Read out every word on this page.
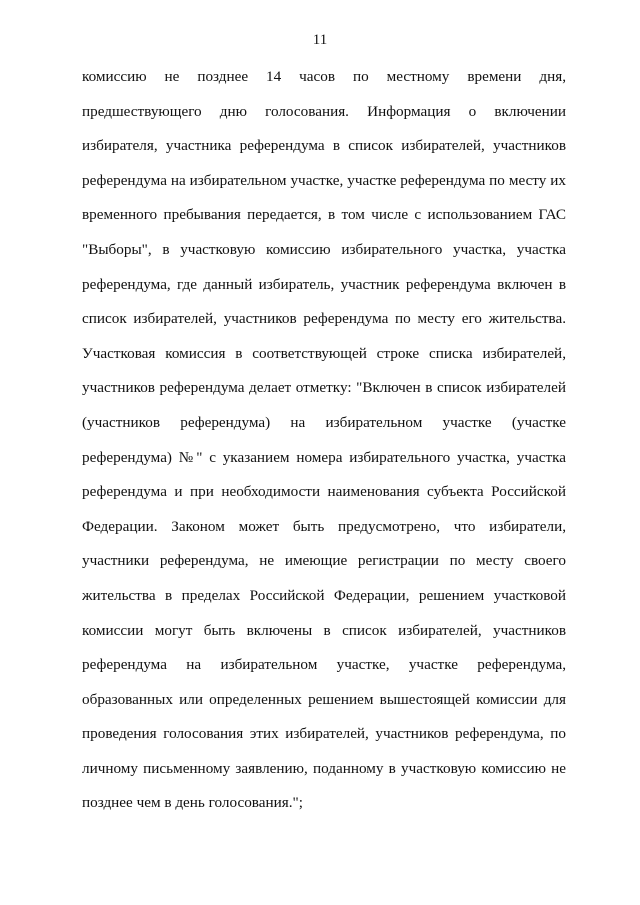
11
комиссию не позднее 14 часов по местному времени дня,
предшествующего дню голосования. Информация о включении
избирателя, участника референдума в список избирателей, участников
референдума на избирательном участке, участке референдума по месту их
временного пребывания передается, в том числе с использованием ГАС
"Выборы", в участковую комиссию избирательного участка, участка
референдума, где данный избиратель, участник референдума включен в
список избирателей, участников референдума по месту его жительства.
Участковая комиссия в соответствующей строке списка избирателей,
участников референдума делает отметку: "Включен в список избирателей
(участников референдума) на избирательном участке (участке
референдума) №" с указанием номера избирательного участка, участка
референдума и при необходимости наименования субъекта Российской
Федерации. Законом может быть предусмотрено, что избиратели,
участники референдума, не имеющие регистрации по месту своего
жительства в пределах Российской Федерации, решением участковой
комиссии могут быть включены в список избирателей, участников
референдума на избирательном участке, участке референдума,
образованных или определенных решением вышестоящей комиссии для
проведения голосования этих избирателей, участников референдума, по
личному письменному заявлению, поданному в участковую комиссию не
позднее чем в день голосования.";
